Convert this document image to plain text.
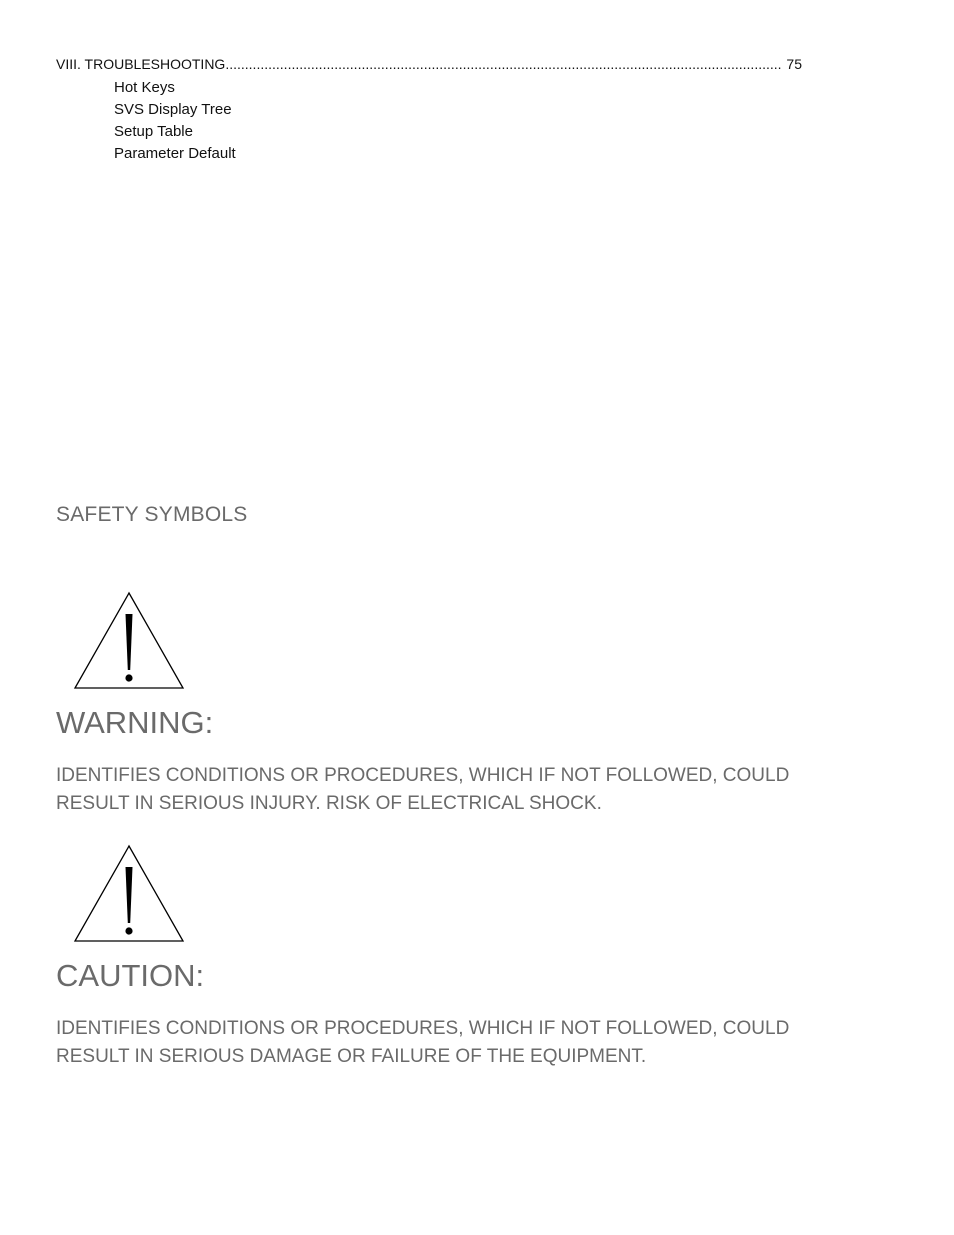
VIII. TROUBLESHOOTING
.....	75
Hot Keys
SVS Display Tree
Setup Table
Parameter Default
SAFETY SYMBOLS
WARNING:

IDENTIFIES CONDITIONS OR PROCEDURES, WHICH IF NOT FOLLOWED, COULD
RESULT IN SERIOUS INJURY. RISK OF ELECTRICAL SHOCK.

CAUTION:

IDENTIFIES CONDITIONS OR PROCEDURES, WHICH IF NOT FOLLOWED, COULD
RESULT IN SERIOUS DAMAGE OR FAILURE OF THE EQUIPMENT.
